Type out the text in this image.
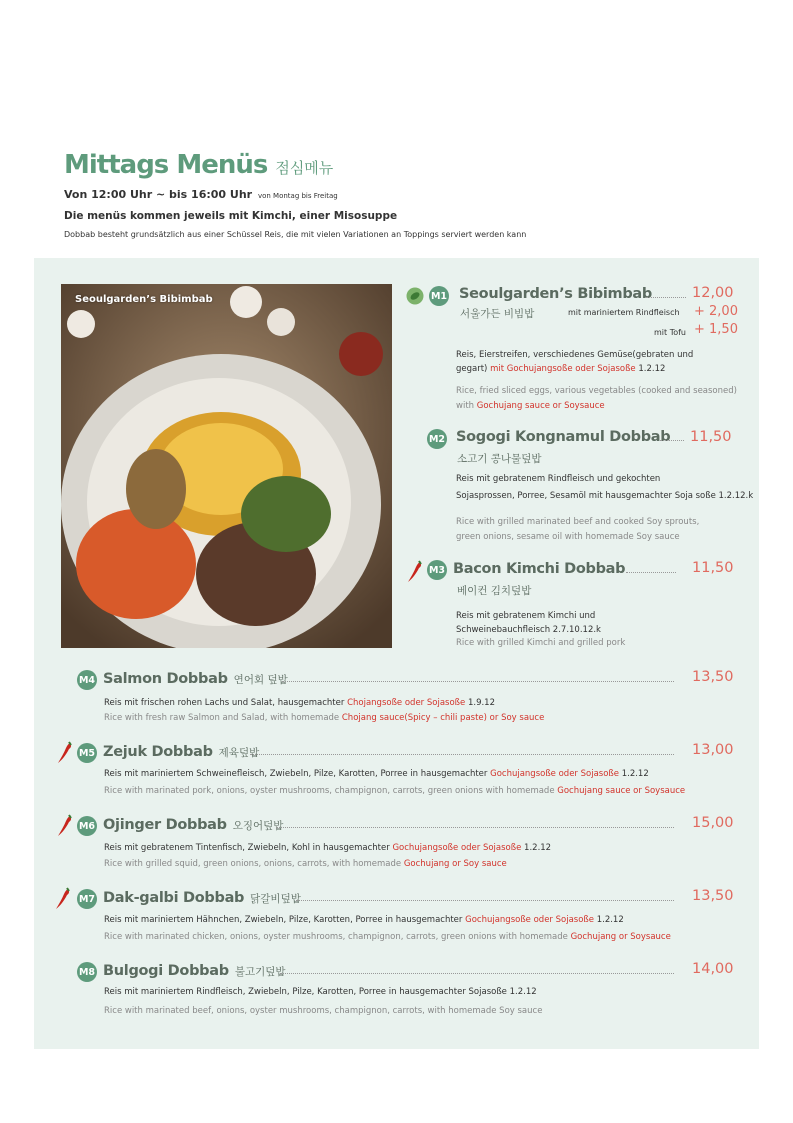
Mittags Menüs 점심메뉴
Von 12:00 Uhr ~ bis 16:00 Uhr von Montag bis Freitag
Die menüs kommen jeweils mit Kimchi, einer Misosuppe
Dobbab besteht grundsätzlich aus einer Schüssel Reis, die mit vielen Variationen an Toppings serviert werden kann
Seoulgarden’s Bibimbab	M1 Seoulgarden’s Bibimbab	12,00
서울가든 비빔밥	mit mariniertem Rindfleisch + 2,00
mit Tofu + 1,50
Reis, Eierstreifen, verschiedenes Gemüse(gebraten und
gegart) mit Gochujangsoße oder Sojasoße 1.2.12
Rice, fried sliced eggs, various vegetables (cooked and seasoned)
with Gochujang sauce or Soysauce
M2 Sogogi Kongnamul Dobbab 11,50
소고기 콩나물덮밥
Reis mit gebratenem Rindfleisch und gekochten
Sojasprossen, Porree, Sesamöl mit hausgemachter Soja soße 1.2.12.k
Rice with grilled marinated beef and cooked Soy sprouts,
green onions, sesame oil with homemade Soy sauce
M3 Bacon Kimchi Dobbab	11,50
베이컨 김치덮밥
Reis mit gebratenem Kimchi und
Schweinebauchfleisch 2.7.10.12.k
Rice with grilled Kimchi and grilled pork
M4 Salmon Dobbab 연어회 덮밥	13,50
Reis mit frischen rohen Lachs und Salat, hausgemachter Chojangsoße oder Sojasoße 1.9.12
Rice with fresh raw Salmon and Salad, with homemade Chojang sauce(Spicy – chili paste) or Soy sauce
M5 Zejuk Dobbab 제육덮밥	13,00
Reis mit mariniertem Schweinefleisch, Zwiebeln, Pilze, Karotten, Porree in hausgemachter Gochujangsoße oder Sojasoße 1.2.12
Rice with marinated pork, onions, oyster mushrooms, champignon, carrots, green onions with homemade Gochujang sauce or Soysauce
M6 Ojinger Dobbab 오징어덮밥	15,00
Reis mit gebratenem Tintenfisch, Zwiebeln, Kohl in hausgemachter Gochujangsoße oder Sojasoße 1.2.12
Rice with grilled squid, green onions, onions, carrots, with homemade Gochujang or Soy sauce
M7 Dak-galbi Dobbab 닭갈비덮밥	13,50
Reis mit mariniertem Hähnchen, Zwiebeln, Pilze, Karotten, Porree in hausgemachter Gochujangsoße oder Sojasoße 1.2.12
Rice with marinated chicken, onions, oyster mushrooms, champignon, carrots, green onions with homemade Gochujang or Soysauce
M8 Bulgogi Dobbab 불고기덮밥	14,00
Reis mit mariniertem Rindfleisch, Zwiebeln, Pilze, Karotten, Porree in hausgemachter Sojasoße 1.2.12
Rice with marinated beef, onions, oyster mushrooms, champignon, carrots, with homemade Soy sauce
